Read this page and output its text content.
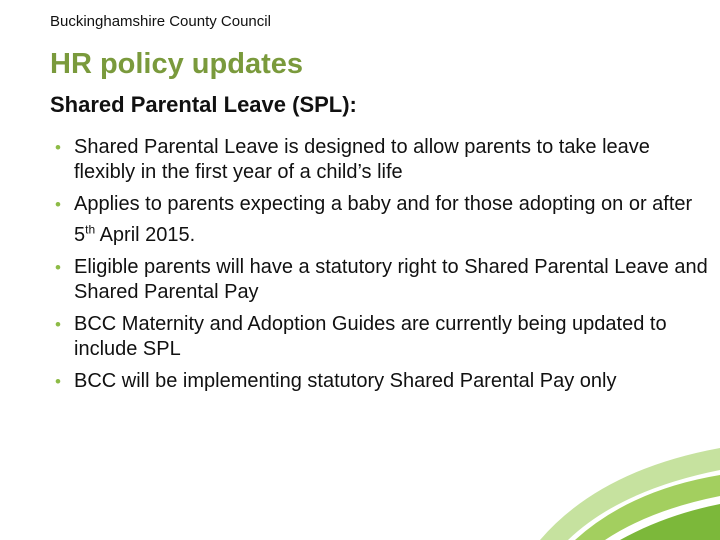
Buckinghamshire County Council
HR policy updates
Shared Parental Leave (SPL):
• Shared Parental Leave is designed to allow parents to take leave flexibly in the first year of a child’s life
• Applies to parents expecting a baby and for those adopting on or after 5th April 2015.
• Eligible parents will have a statutory right to Shared Parental Leave and Shared Parental Pay
• BCC Maternity and Adoption Guides are currently being updated to include SPL
• BCC will be implementing statutory Shared Parental Pay only
